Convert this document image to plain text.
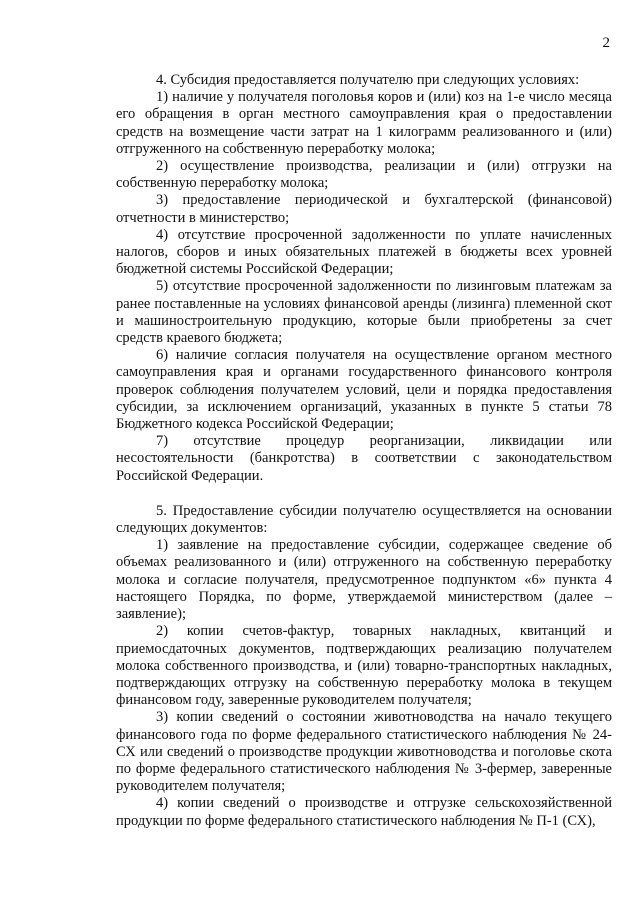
2

4. Субсидия предоставляется получателю при следующих условиях:

1) наличие у получателя поголовья коров и (или) коз на 1-е число месяца его обращения в орган местного самоуправления края о предоставлении средств на возмещение части затрат на 1 килограмм реализованного и (или) отгруженного на собственную переработку молока;

2) осуществление производства, реализации и (или) отгрузки на собственную переработку молока;

3) предоставление периодической и бухгалтерской (финансовой) отчетности в министерство;

4) отсутствие просроченной задолженности по уплате начисленных налогов, сборов и иных обязательных платежей в бюджеты всех уровней бюджетной системы Российской Федерации;

5) отсутствие просроченной задолженности по лизинговым платежам за ранее поставленные на условиях финансовой аренды (лизинга) племенной скот и машиностроительную продукцию, которые были приобретены за счет средств краевого бюджета;

6) наличие согласия получателя на осуществление органом местного самоуправления края и органами государственного финансового контроля проверок соблюдения получателем условий, цели и порядка предоставления субсидии, за исключением организаций, указанных в пункте 5 статьи 78 Бюджетного кодекса Российской Федерации;

7) отсутствие процедур реорганизации, ликвидации или несостоятельности (банкротства) в соответствии с законодательством Российской Федерации.

5. Предоставление субсидии получателю осуществляется на основании следующих документов:

1) заявление на предоставление субсидии, содержащее сведение об объемах реализованного и (или) отгруженного на собственную переработку молока и согласие получателя, предусмотренное подпунктом «6» пункта 4 настоящего Порядка, по форме, утверждаемой министерством (далее – заявление);

2) копии счетов-фактур, товарных накладных, квитанций и приемосдаточных документов, подтверждающих реализацию получателем молока собственного производства, и (или) товарно-транспортных накладных, подтверждающих отгрузку на собственную переработку молока в текущем финансовом году, заверенные руководителем получателя;

3) копии сведений о состоянии животноводства на начало текущего финансового года по форме федерального статистического наблюдения № 24-СХ или сведений о производстве продукции животноводства и поголовье скота по форме федерального статистического наблюдения № 3-фермер, заверенные руководителем получателя;

4) копии сведений о производстве и отгрузке сельскохозяйственной продукции по форме федерального статистического наблюдения № П-1 (СХ),
